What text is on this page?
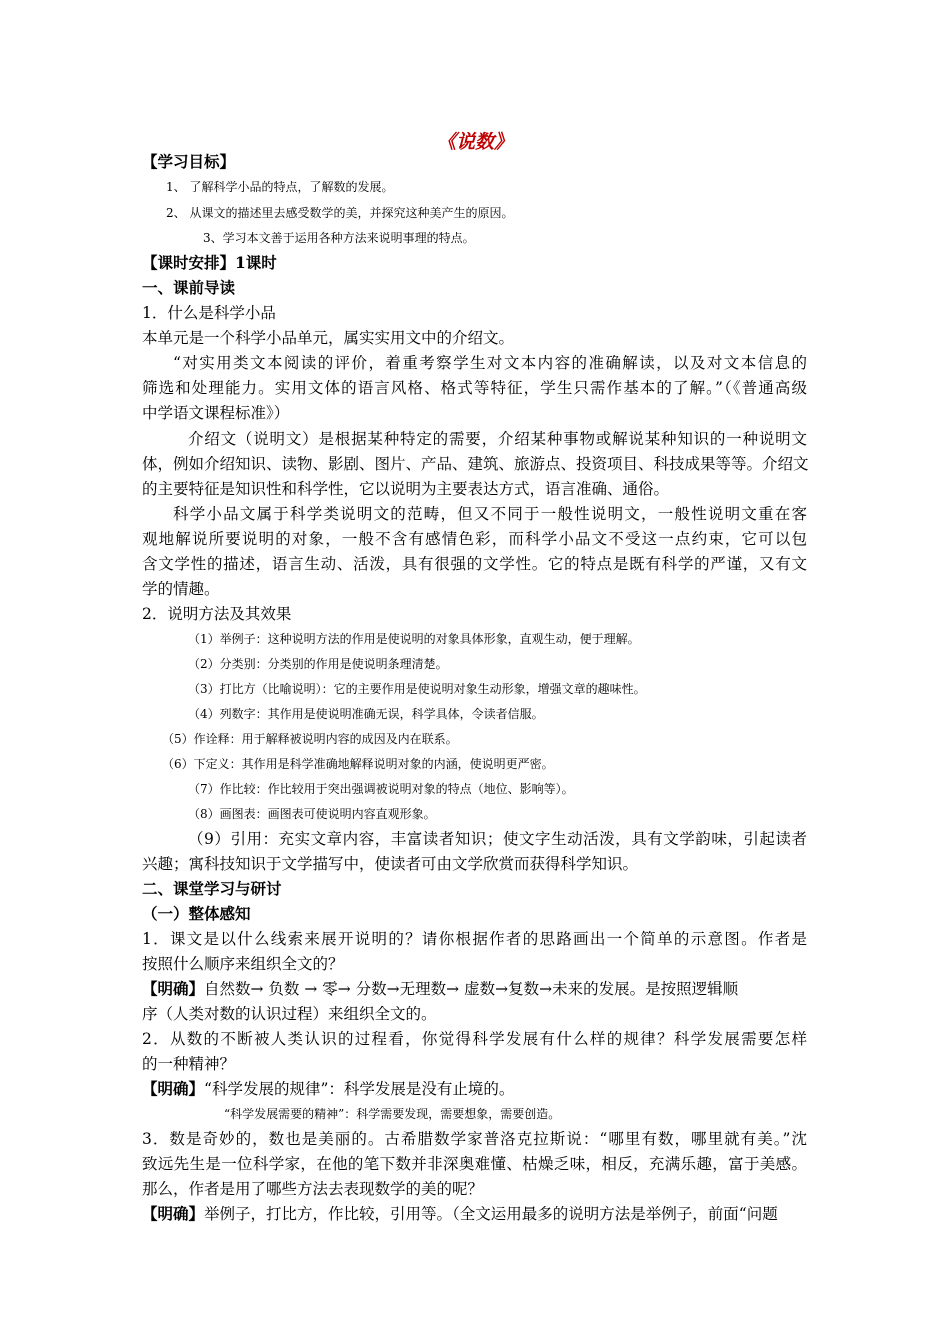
《说数》
【学习目标】
1、 了解科学小品的特点，了解数的发展。
2、 从课文的描述里去感受数学的美，并探究这种美产生的原因。
3、学习本文善于运用各种方法来说明事理的特点。
【课时安排】1课时
一、课前导读
1．什么是科学小品
本单元是一个科学小品单元，属实实用文中的介绍文。
“对实用类文本阅读的评价，着重考察学生对文本内容的准确解读，以及对文本信息的
筛选和处理能力。实用文体的语言风格、格式等特征，学生只需作基本的了解。”（《普通高级
中学语文课程标准》）
介绍文（说明文）是根据某种特定的需要，介绍某种事物或解说某种知识的一种说明文
体，例如介绍知识、读物、影剧、图片、产品、建筑、旅游点、投资项目、科技成果等等。介绍文
的主要特征是知识性和科学性，它以说明为主要表达方式，语言准确、通俗。
科学小品文属于科学类说明文的范畴，但又不同于一般性说明文，一般性说明文重在客
观地解说所要说明的对象，一般不含有感情色彩，而科学小品文不受这一点约束，它可以包
含文学性的描述，语言生动、活泼，具有很强的文学性。它的特点是既有科学的严谨，又有文
学的情趣。
2．说明方法及其效果
（1）举例子：这种说明方法的作用是使说明的对象具体形象，直观生动，便于理解。
（2）分类别：分类别的作用是使说明条理清楚。
（3）打比方（比喻说明）：它的主要作用是使说明对象生动形象，增强文章的趣味性。
（4）列数字：其作用是使说明准确无误，科学具体，令读者信服。
（5）作诠释：用于解释被说明内容的成因及内在联系。
（6）下定义：其作用是科学准确地解释说明对象的内涵，使说明更严密。
（7）作比较：作比较用于突出强调被说明对象的特点（地位、影响等）。
（8）画图表：画图表可使说明内容直观形象。
（9）引用：充实文章内容，丰富读者知识；使文字生动活泼，具有文学韵味，引起读者
兴趣；寓科技知识于文学描写中，使读者可由文学欣赏而获得科学知识。
二、课堂学习与研讨
（一）整体感知
1．课文是以什么线索来展开说明的？请你根据作者的思路画出一个简单的示意图。作者是
按照什么顺序来组织全文的？
【明确】自然数→ 负数 → 零→ 分数→无理数→ 虚数→复数→未来的发展。是按照逻辑顺
序（人类对数的认识过程）来组织全文的。
2．从数的不断被人类认识的过程看，你觉得科学发展有什么样的规律？科学发展需要怎样
的一种精神？
【明确】“科学发展的规律”：科学发展是没有止境的。
“科学发展需要的精神”：科学需要发现，需要想象，需要创造。
3．数是奇妙的，数也是美丽的。古希腊数学家普洛克拉斯说：“哪里有数，哪里就有美。”沈
致远先生是一位科学家，在他的笔下数并非深奥难懂、枯燥乏味，相反，充满乐趣，富于美感。
那么，作者是用了哪些方法去表现数学的美的呢？
【明确】举例子，打比方，作比较，引用等。（全文运用最多的说明方法是举例子，前面“问题
